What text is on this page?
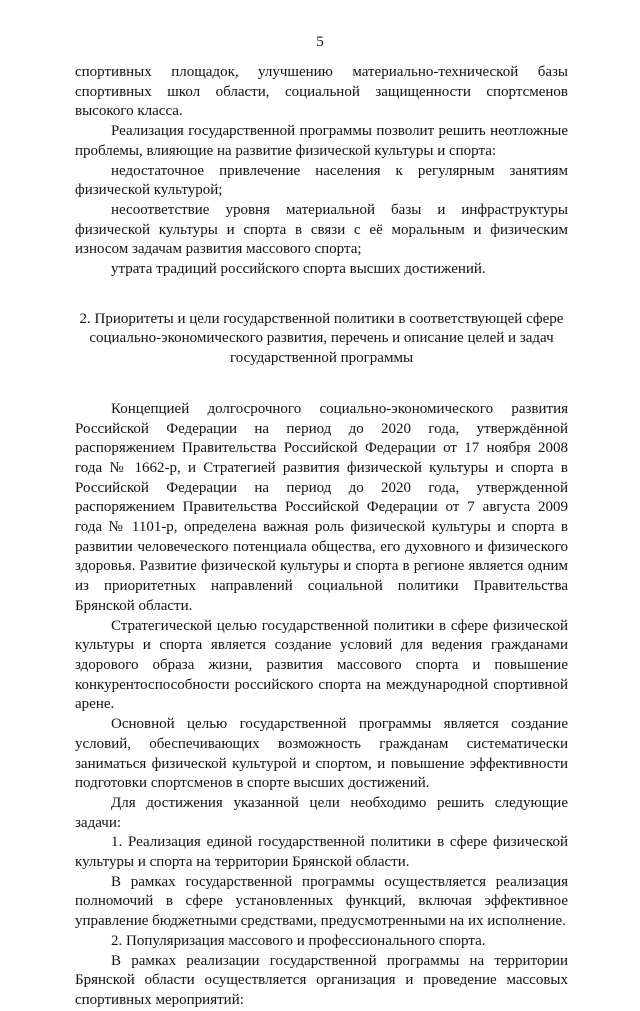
5

спортивных площадок, улучшению материально-технической базы спортивных школ области, социальной защищенности спортсменов высокого класса.

Реализация государственной программы позволит решить неотложные проблемы, влияющие на развитие физической культуры и спорта:

недостаточное привлечение населения к регулярным занятиям физической культурой;

несоответствие уровня материальной базы и инфраструктуры физической культуры и спорта в связи с её моральным и физическим износом задачам развития массового спорта;

утрата традиций российского спорта высших достижений.

2. Приоритеты и цели государственной политики в соответствующей сфере
социально-экономического развития, перечень и описание целей и задач
государственной программы

Концепцией долгосрочного социально-экономического развития Российской Федерации на период до 2020 года, утверждённой распоряжением Правительства Российской Федерации от 17 ноября 2008 года № 1662-р, и Стратегией развития физической культуры и спорта в Российской Федерации на период до 2020 года, утвержденной распоряжением Правительства Российской Федерации от 7 августа 2009 года № 1101-р, определена важная роль физической культуры и спорта в развитии человеческого потенциала общества, его духовного и физического здоровья. Развитие физической культуры и спорта в регионе является одним из приоритетных направлений социальной политики Правительства Брянской области.

Стратегической целью государственной политики в сфере физической культуры и спорта является создание условий для ведения гражданами здорового образа жизни, развития массового спорта и повышение конкурентоспособности российского спорта на международной спортивной арене.

Основной целью государственной программы является создание условий, обеспечивающих возможность гражданам систематически заниматься физической культурой и спортом, и повышение эффективности подготовки спортсменов в спорте высших достижений.

Для достижения указанной цели необходимо решить следующие задачи:

1. Реализация единой государственной политики в сфере физической культуры и спорта на территории Брянской области.

В рамках государственной программы осуществляется реализация полномочий в сфере установленных функций, включая эффективное управление бюджетными средствами, предусмотренными на их исполнение.

2. Популяризация массового и профессионального спорта.

В рамках реализации государственной программы на территории Брянской области осуществляется организация и проведение массовых спортивных мероприятий:
